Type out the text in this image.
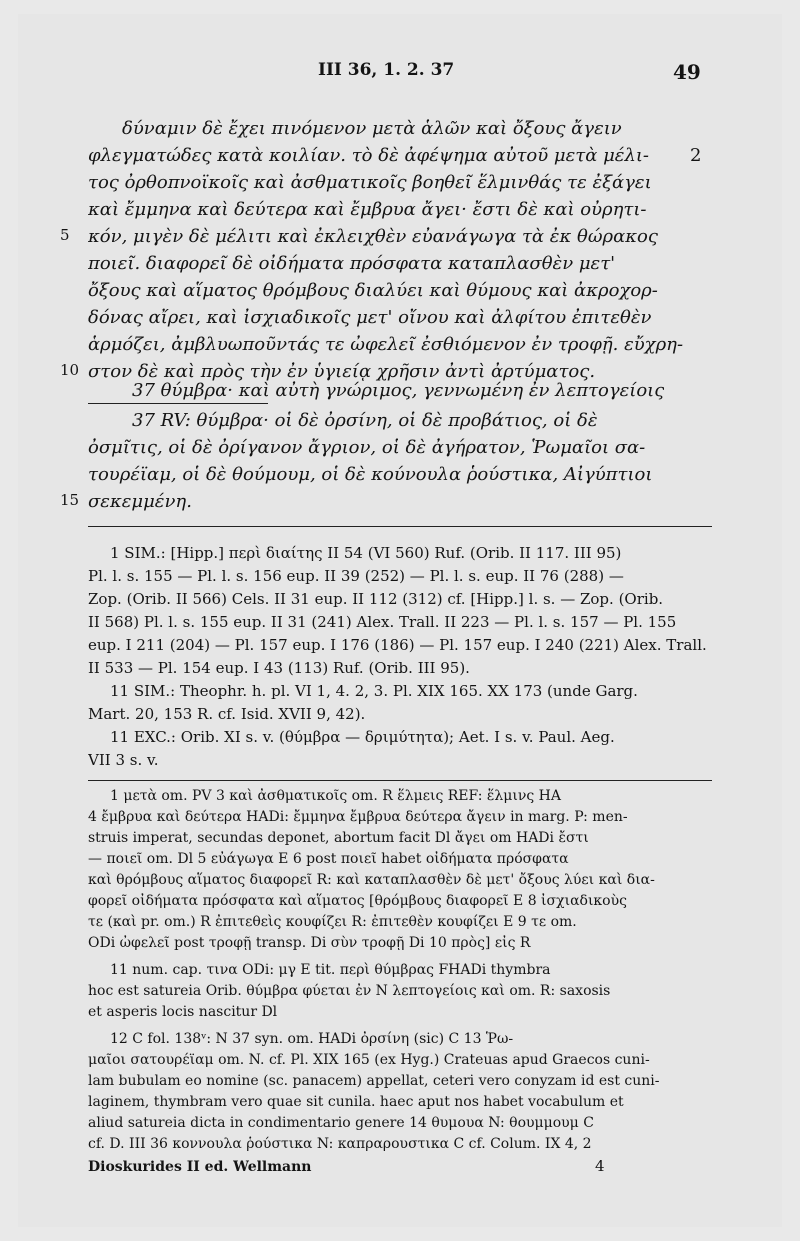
III 36, 1. 2. 37	49
δύναμιν δὲ ἔχει πινόμενον μετὰ ἁλῶν καὶ ὄξους ἄγειν
φλεγματώδες κατὰ κοιλίαν. τὸ δὲ ἀφέψημα αὐτοῦ μετὰ μέλι- 2
τος ὀρθοπνοϊκοῖς καὶ ἀσθματικοῖς βοηθεῖ ἕλμινθάς τε ἐξάγει
καὶ ἔμμηνα καὶ δεύτερα καὶ ἔμβρυα ἄγει· ἔστι δὲ καὶ οὐρητι-
5 κόν, μιγὲν δὲ μέλιτι καὶ ἐκλειχθὲν εὐανάγωγα τὰ ἐκ θώρακος
ποιεῖ. διαφορεῖ δὲ οἰδήματα πρόσφατα καταπλασθὲν μετ'
ὄξους καὶ αἵματος θρόμβους διαλύει καὶ θύμους καὶ ἀκροχορ-
δόνας αἴρει, καὶ ἰσχιαδικοῖς μετ' οἴνου καὶ ἀλφίτου ἐπιτεθὲν
ἁρμόζει, ἀμβλυωποῦντάς τε ὠφελεῖ ἐσθιόμενον ἐν τροφῇ. εὔχρη-
10 στον δὲ καὶ πρὸς τὴν ἐν ὑγιείᾳ χρῆσιν ἀντὶ ἀρτύματος.
37 θύμβρα· καὶ αὐτὴ γνώριμος, γεννωμένη ἐν λεπτογείοις
37 RV: θύμβρα· οἱ δὲ ὀρσίνη, οἱ δὲ προβάτιος, οἱ δὲ
ὀσμῖτις, οἱ δὲ ὀρίγανον ἄγριον, οἱ δὲ ἀγήρατον, Ῥωμαῖοι σα-
τουρέϊαμ, οἱ δὲ θούμουμ, οἱ δὲ κούνουλα ῥούστικα, Αἰγύπτιοι
15 σεκεμμένη.
1 SIM.: [Hipp.] περὶ διαίτης II 54 (VI 560) Ruf. (Orib. II 117. III 95)
Pl. l. s. 155 — Pl. l. s. 156 eup. II 39 (252) — Pl. l. s. eup. II 76 (288) —
Zop. (Orib. II 566) Cels. II 31 eup. II 112 (312) cf. [Hipp.] l. s. — Zop. (Orib.
II 568) Pl. l. s. 155 eup. II 31 (241) Alex. Trall. II 223 — Pl. l. s. 157 — Pl. 155
eup. I 211 (204) — Pl. 157 eup. I 176 (186) — Pl. 157 eup. I 240 (221) Alex. Trall.
II 533 — Pl. 154 eup. I 43 (113) Ruf. (Orib. III 95).
11 SIM.: Theophr. h. pl. VI 1, 4. 2, 3. Pl. XIX 165. XX 173 (unde Garg.
Mart. 20, 153 R. cf. Isid. XVII 9, 42).
11 EXC.: Orib. XI s. v. (θύμβρα — δριμύτητα); Aet. I s. v. Paul. Aeg.
VII 3 s. v.
1 μετὰ om. PV 3 καὶ ἀσθματικοῖς om. R ἕλμεις REF: ἕλμινς HA
4 ἔμβρυα καὶ δεύτερα HADi: ἔμμηνα ἔμβρυα δεύτερα ἄγειν in marg. P: men-
struis imperat, secundas deponet, abortum facit Dl ἄγει om HADi ἔστι
— ποιεῖ om. Dl 5 εὐάγωγα E 6 post ποιεῖ habet οἰδήματα πρόσφατα
καὶ θρόμβους αἵματος διαφορεῖ R: καὶ καταπλασθὲν δὲ μετ' ὄξους λύει καὶ δια-
φορεῖ οἰδήματα πρόσφατα καὶ αἵματος [θρόμβους διαφορεῖ E 8 ἰσχιαδικοὺς
τε (καὶ pr. om.) R ἐπιτεθεὶς κουφίζει R: ἐπιτεθὲν κουφίζει E 9 τε om.
ODi ὠφελεῖ post τροφῇ transp. Di σὺν τροφῇ Di 10 πρὸς] εἰς R
11 num. cap. τινα ODi: μγ E tit. περὶ θύμβρας FHADi thymbra
hoc est satureia Orib. θύμβρα φύεται ἐν N λεπτογείοις καὶ om. R: saxosis
et asperis locis nascitur Dl
12 C fol. 138ᵛ: N 37 syn. om. HADi ὀρσίνη (sic) C 13 Ῥω-
μαῖοι σατουρέϊαμ om. N. cf. Pl. XIX 165 (ex Hyg.) Crateuas apud Graecos cuni-
lam bubulam eo nomine (sc. panacem) appellat, ceteri vero conyzam id est cuni-
laginem, thymbram vero quae sit cunila. haec aput nos habet vocabulum et
aliud satureia dicta in condimentario genere 14 θυμουα N: θουμμουμ C
cf. D. III 36 κοννουλα ῥούστικα N: καπραρουστικα C cf. Colum. IX 4, 2
Dioskurides II ed. Wellmann	4
